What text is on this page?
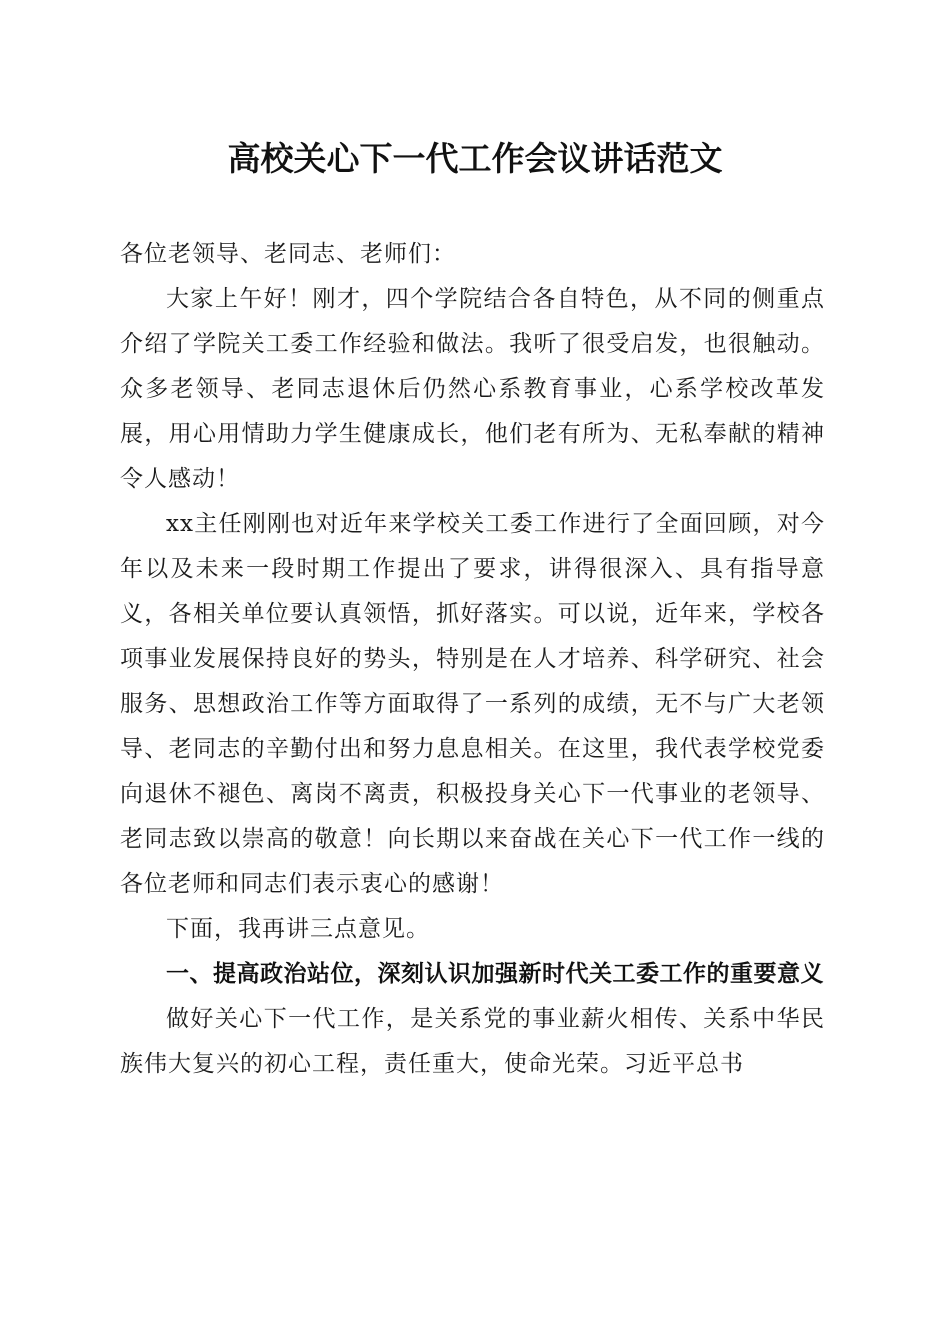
高校关心下一代工作会议讲话范文

各位老领导、老同志、老师们：

大家上午好！刚才，四个学院结合各自特色，从不同的侧重点介绍了学院关工委工作经验和做法。我听了很受启发，也很触动。众多老领导、老同志退休后仍然心系教育事业，心系学校改革发展，用心用情助力学生健康成长，他们老有所为、无私奉献的精神令人感动！

xx主任刚刚也对近年来学校关工委工作进行了全面回顾，对今年以及未来一段时期工作提出了要求，讲得很深入、具有指导意义，各相关单位要认真领悟，抓好落实。可以说，近年来，学校各项事业发展保持良好的势头，特别是在人才培养、科学研究、社会服务、思想政治工作等方面取得了一系列的成绩，无不与广大老领导、老同志的辛勤付出和努力息息相关。在这里，我代表学校党委向退休不褪色、离岗不离责，积极投身关心下一代事业的老领导、老同志致以崇高的敬意！向长期以来奋战在关心下一代工作一线的各位老师和同志们表示衷心的感谢！

下面，我再讲三点意见。

一、提高政治站位，深刻认识加强新时代关工委工作的重要意义

做好关心下一代工作，是关系党的事业薪火相传、关系中华民族伟大复兴的初心工程，责任重大，使命光荣。习近平总书
